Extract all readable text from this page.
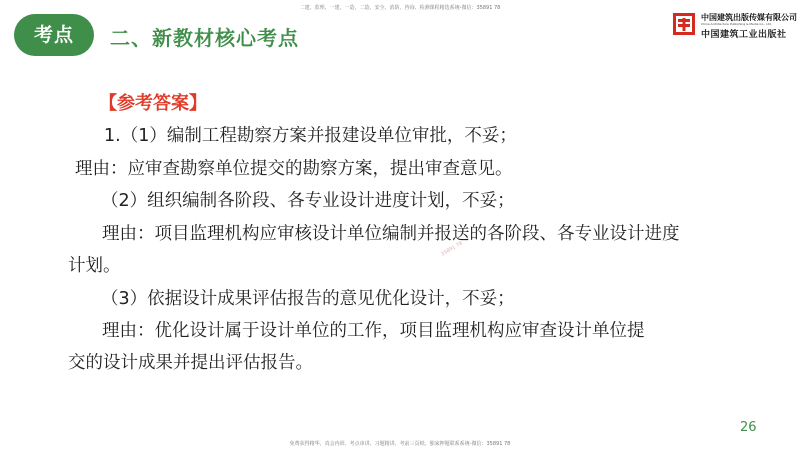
二建、监理、一建、一造、二造、安全、消防、咨询、检测课程精选系统-微信：35891 78
考点	二、新教材核心考点
中国建筑出版传媒有限公司
China Architecture Publishing & Media Co., Ltd.
中国建筑工业出版社
【参考答案】
1.（1）编制工程勘察方案并报建设单位审批，不妥；
理由：应审查勘察单位提交的勘察方案，提出审查意见。
（2）组织编制各阶段、各专业设计进度计划，不妥；
理由：项目监理机构应审核设计单位编制并报送的各阶段、各专业设计进度
计划。
（3）依据设计成果评估报告的意见优化设计，不妥；
理由：优化设计属于设计单位的工作，项目监理机构应审查设计单位提
交的设计成果并提出评估报告。
35891 78
26
免费获得精华、真会内训、考点串讲、习题精讲、考前三页纸、独家押题联系系统-微信：35891 78
